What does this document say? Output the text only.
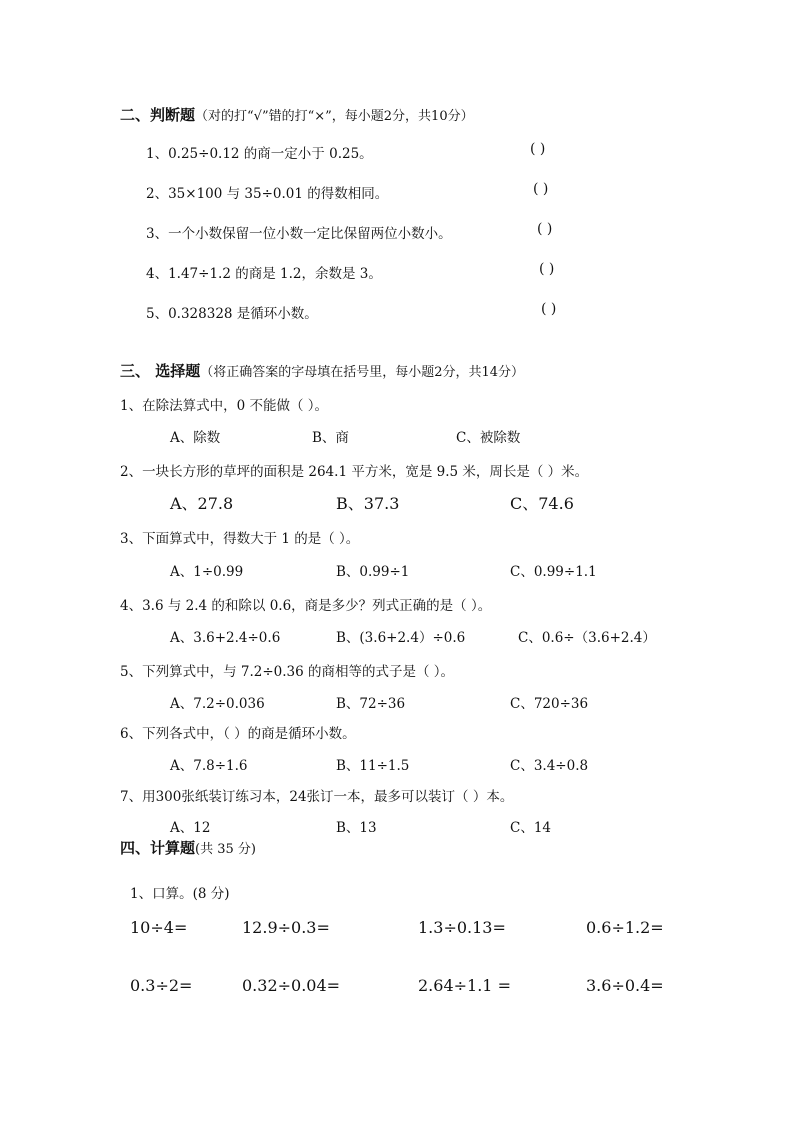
二、判断题（对的打“√”错的打“×”，每小题2分，共10分）
1、0.25÷0.12 的商一定小于 0.25。	( )
2、35×100 与 35÷0.01 的得数相同。	( )
3、一个小数保留一位小数一定比保留两位小数小。	( )
4、1.47÷1.2 的商是 1.2，余数是 3。	( )
5、0.328328 是循环小数。	( )
三、 选择题（将正确答案的字母填在括号里，每小题2分，共14分）
1、在除法算式中，0 不能做（ ）。
A、除数	B、商	C、被除数
2、一块长方形的草坪的面积是 264.1 平方米，宽是 9.5 米，周长是（ ）米。
A、27.8	B、37.3	C、74.6
3、下面算式中，得数大于 1 的是（ ）。
A、1÷0.99	B、0.99÷1	C、0.99÷1.1
4、3.6 与 2.4 的和除以 0.6，商是多少？列式正确的是（ ）。
A、3.6+2.4÷0.6	B、(3.6+2.4）÷0.6	C、0.6÷（3.6+2.4）
5、下列算式中，与 7.2÷0.36 的商相等的式子是（ ）。
A、7.2÷0.036	B、72÷36	C、720÷36
6、下列各式中，（ ）的商是循环小数。
A、7.8÷1.6	B、11÷1.5	C、3.4÷0.8
7、用300张纸装订练习本，24张订一本，最多可以装订（ ）本。
A、12	B、13	C、14
四、计算题(共 35 分)
1、口算。(8 分)
10÷4=	12.9÷0.3=	1.3÷0.13=	0.6÷1.2=
0.3÷2=	0.32÷0.04=	2.64÷1.1 =	3.6÷0.4=
